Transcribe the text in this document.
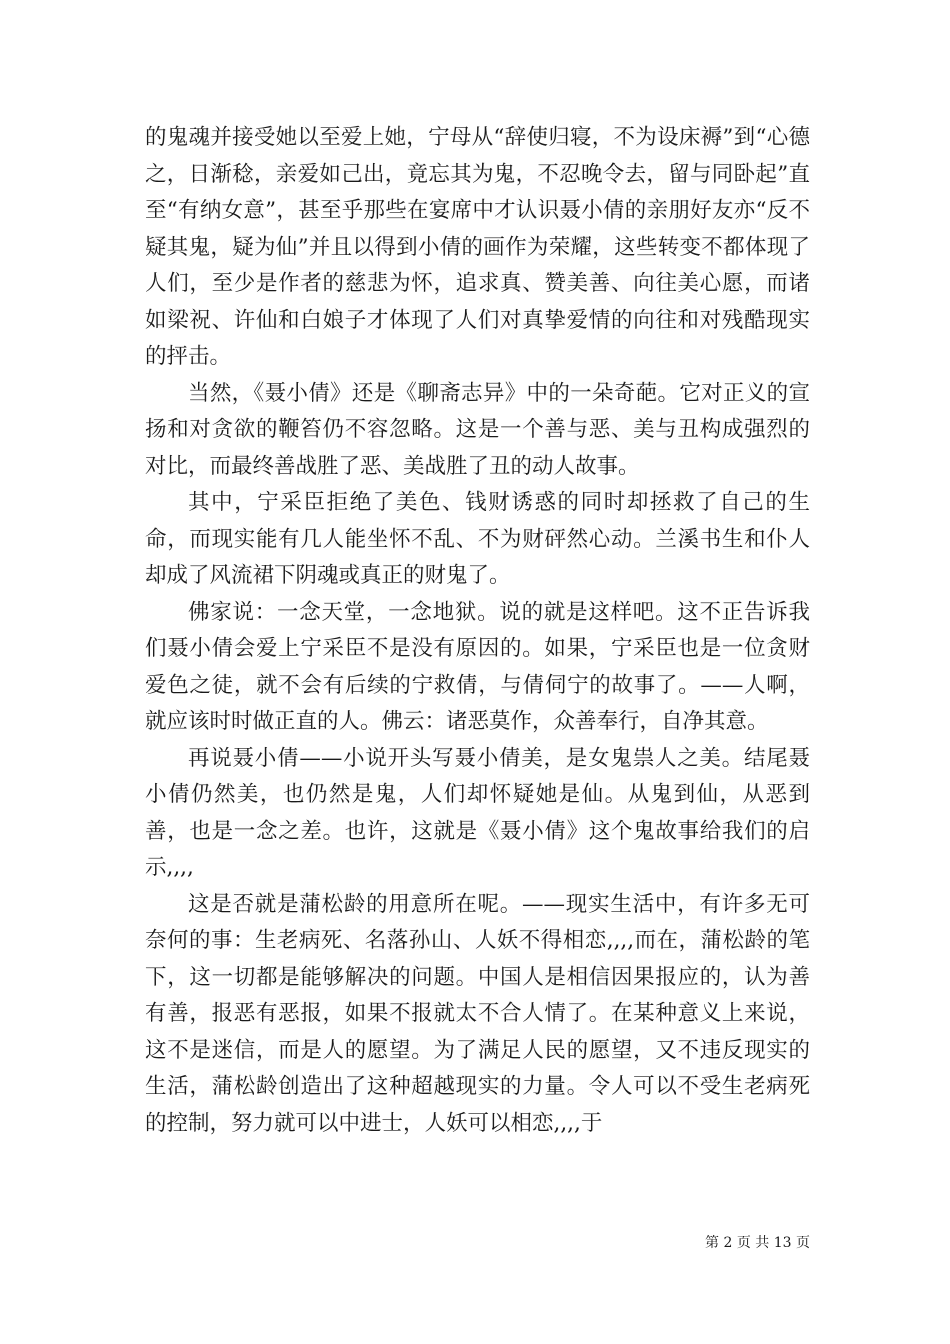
的鬼魂并接受她以至爱上她，宁母从“辞使归寝，不为设床褥”到“心德之，日渐稔，亲爱如己出，竟忘其为鬼，不忍晚令去，留与同卧起”直至“有纳女意”，甚至乎那些在宴席中才认识聂小倩的亲朋好友亦“反不疑其鬼，疑为仙”并且以得到小倩的画作为荣耀，这些转变不都体现了人们，至少是作者的慈悲为怀，追求真、赞美善、向往美心愿，而诸如梁祝、许仙和白娘子才体现了人们对真挚爱情的向往和对残酷现实的抨击。

当然，《聂小倩》还是《聊斋志异》中的一朵奇葩。它对正义的宣扬和对贪欲的鞭笞仍不容忽略。这是一个善与恶、美与丑构成强烈的对比，而最终善战胜了恶、美战胜了丑的动人故事。

其中，宁采臣拒绝了美色、钱财诱惑的同时却拯救了自己的生命，而现实能有几人能坐怀不乱、不为财砰然心动。兰溪书生和仆人却成了风流裙下阴魂或真正的财鬼了。

佛家说：一念天堂，一念地狱。说的就是这样吧。这不正告诉我们聂小倩会爱上宁采臣不是没有原因的。如果，宁采臣也是一位贪财爱色之徒，就不会有后续的宁救倩，与倩伺宁的故事了。——人啊，就应该时时做正直的人。佛云：诸恶莫作，众善奉行，自净其意。

再说聂小倩——小说开头写聂小倩美，是女鬼祟人之美。结尾聂小倩仍然美，也仍然是鬼，人们却怀疑她是仙。从鬼到仙，从恶到善，也是一念之差。也许，这就是《聂小倩》这个鬼故事给我们的启示,,,,

这是否就是蒲松龄的用意所在呢。——现实生活中，有许多无可奈何的事：生老病死、名落孙山、人妖不得相恋,,,,而在，蒲松龄的笔下，这一切都是能够解决的问题。中国人是相信因果报应的，认为善有善，报恶有恶报，如果不报就太不合人情了。在某种意义上来说，这不是迷信，而是人的愿望。为了满足人民的愿望，又不违反现实的生活，蒲松龄创造出了这种超越现实的力量。令人可以不受生老病死的控制，努力就可以中进士，人妖可以相恋,,,,于

第 2 页 共 13 页
